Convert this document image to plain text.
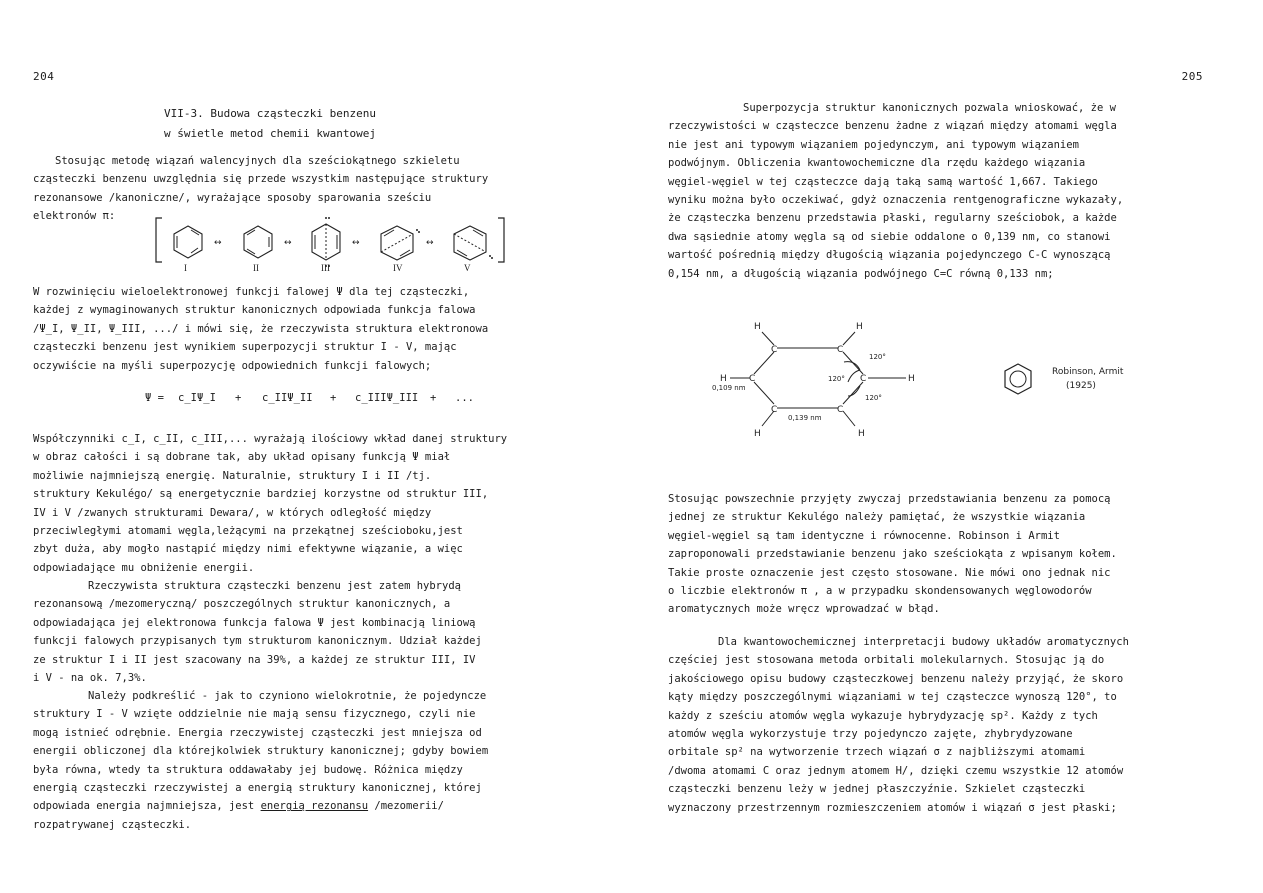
204
VII-3. Budowa cząsteczki benzenu
w świetle metod chemii kwantowej
Stosując metodę wiązań walencyjnych dla sześciokątnego szkieletu
cząsteczki benzenu uwzględnia się przede wszystkim następujące struktury
rezonansowe /kanoniczne/, wyrażające sposoby sparowania sześciu
elektronów π:
↔	↔	↔	↔
I	II	III	IV	V
W rozwinięciu wieloelektronowej funkcji falowej Ψ dla tej cząsteczki,
każdej z wymaginowanych struktur kanonicznych odpowiada funkcja falowa
/Ψ_I, Ψ_II, Ψ_III, .../ i mówi się, że rzeczywista struktura elektronowa
cząsteczki benzenu jest wynikiem superpozycji struktur I - V, mając
oczywiście na myśli superpozycję odpowiednich funkcji falowych;
Ψ = c_IΨ_I + c_IIΨ_II + c_IIIΨ_III + ...
Współczynniki c_I, c_II, c_III,... wyrażają ilościowy wkład danej struktury
w obraz całości i są dobrane tak, aby układ opisany funkcją Ψ miał
możliwie najmniejszą energię. Naturalnie, struktury I i II /tj.
struktury Kekulégo/ są energetycznie bardziej korzystne od struktur III,
IV i V /zwanych strukturami Dewara/, w których odległość między
przeciwległymi atomami węgla,leżącymi na przekątnej sześcioboku,jest
zbyt duża, aby mogło nastąpić między nimi efektywne wiązanie, a więc
odpowiadające mu obniżenie energii.
Rzeczywista struktura cząsteczki benzenu jest zatem hybrydą
rezonansową /mezomeryczną/ poszczególnych struktur kanonicznych, a
odpowiadająca jej elektronowa funkcja falowa Ψ jest kombinacją liniową
funkcji falowych przypisanych tym strukturom kanonicznym. Udział każdej
ze struktur I i II jest szacowany na 39%, a każdej ze struktur III, IV
i V - na ok. 7,3%.
Należy podkreślić - jak to czyniono wielokrotnie, że pojedyncze
struktury I - V wzięte oddzielnie nie mają sensu fizycznego, czyli nie
mogą istnieć odrębnie. Energia rzeczywistej cząsteczki jest mniejsza od
energii obliczonej dla którejkolwiek struktury kanonicznej; gdyby bowiem
była równa, wtedy ta struktura oddawałaby jej budowę. Różnica między
energią cząsteczki rzeczywistej a energią struktury kanonicznej, której
odpowiada energia najmniejsza, jest energią rezonansu /mezomerii/
rozpatrywanej cząsteczki.
205
Superpozycja struktur kanonicznych pozwala wnioskować, że w
rzeczywistości w cząsteczce benzenu żadne z wiązań między atomami węgla
nie jest ani typowym wiązaniem pojedynczym, ani typowym wiązaniem
podwójnym. Obliczenia kwantowochemiczne dla rzędu każdego wiązania
węgiel-węgiel w tej cząsteczce dają taką samą wartość 1,667. Takiego
wyniku można było oczekiwać, gdyż oznaczenia rentgenograficzne wykazały,
że cząsteczka benzenu przedstawia płaski, regularny sześciobok, a każde
dwa sąsiednie atomy węgla są od siebie oddalone o 0,139 nm, co stanowi
wartość pośrednią między długością wiązania pojedynczego C-C wynoszącą
0,154 nm, a długością wiązania podwójnego C=C równą 0,133 nm;
H	H
C	C
H C	C	H
C	C
H	H
120°
120°
120°
0,109 nm
0,139 nm
Robinson, Armit
(1925)
Stosując powszechnie przyjęty zwyczaj przedstawiania benzenu za pomocą
jednej ze struktur Kekulégo należy pamiętać, że wszystkie wiązania
węgiel-węgiel są tam identyczne i równocenne. Robinson i Armit
zaproponowali przedstawianie benzenu jako sześciokąta z wpisanym kołem.
Takie proste oznaczenie jest często stosowane. Nie mówi ono jednak nic
o liczbie elektronów π , a w przypadku skondensowanych węglowodorów
aromatycznych może wręcz wprowadzać w błąd.
Dla kwantowochemicznej interpretacji budowy układów aromatycznych
częściej jest stosowana metoda orbitali molekularnych. Stosując ją do
jakościowego opisu budowy cząsteczkowej benzenu należy przyjąć, że skoro
kąty między poszczególnymi wiązaniami w tej cząsteczce wynoszą 120°, to
każdy z sześciu atomów węgla wykazuje hybrydyzację sp². Każdy z tych
atomów węgla wykorzystuje trzy pojedynczo zajęte, zhybrydyzowane
orbitale sp² na wytworzenie trzech wiązań σ z najbliższymi atomami
/dwoma atomami C oraz jednym atomem H/, dzięki czemu wszystkie 12 atomów
cząsteczki benzenu leży w jednej płaszczyźnie. Szkielet cząsteczki
wyznaczony przestrzennym rozmieszczeniem atomów i wiązań σ jest płaski;
